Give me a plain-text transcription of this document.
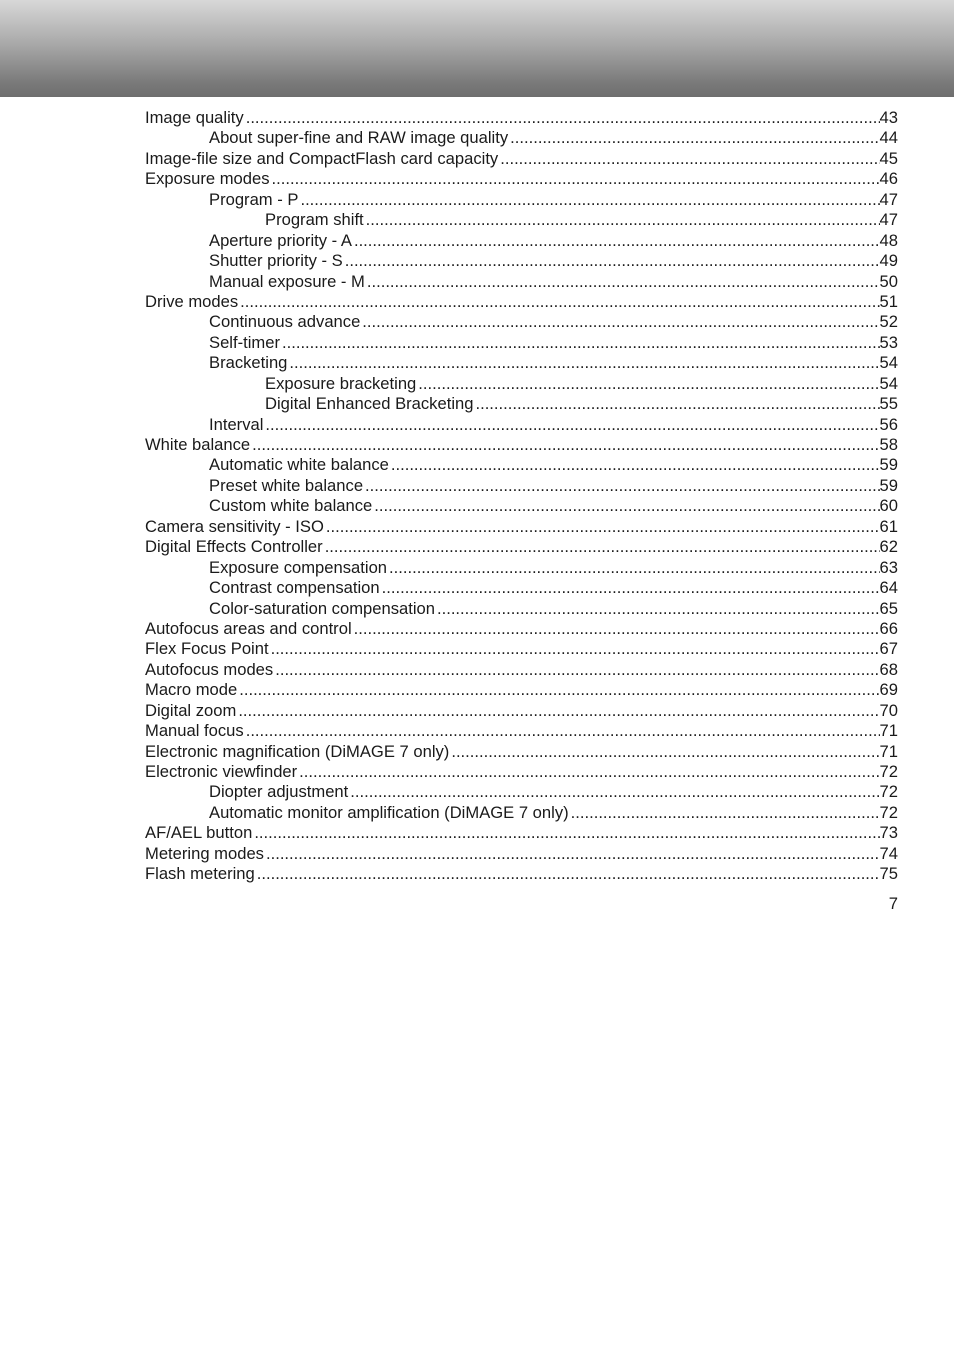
Image quality .....	43
About super-fine and RAW image quality .....	44
Image-file size and CompactFlash card capacity .....	45
Exposure modes .....	46
Program - P .....	47
Program shift .....	47
Aperture priority - A .....	48
Shutter priority - S .....	49
Manual exposure - M .....	50
Drive modes .....	51
Continuous advance .....	52
Self-timer .....	53
Bracketing .....	54
Exposure bracketing .....	54
Digital Enhanced Bracketing .....	55
Interval .....	56
White balance .....	58
Automatic white balance .....	59
Preset white balance .....	59
Custom white balance .....	60
Camera sensitivity - ISO .....	61
Digital Effects Controller .....	62
Exposure compensation .....	63
Contrast compensation .....	64
Color-saturation compensation .....	65
Autofocus areas and control .....	66
Flex Focus Point .....	67
Autofocus modes .....	68
Macro mode .....	69
Digital zoom .....	70
Manual focus .....	71
Electronic magnification (DiMAGE 7 only) .....	71
Electronic viewfinder .....	72
Diopter adjustment .....	72
Automatic monitor amplification (DiMAGE 7 only) .....	72
AF/AEL button .....	73
Metering modes .....	74
Flash metering .....	75
7
